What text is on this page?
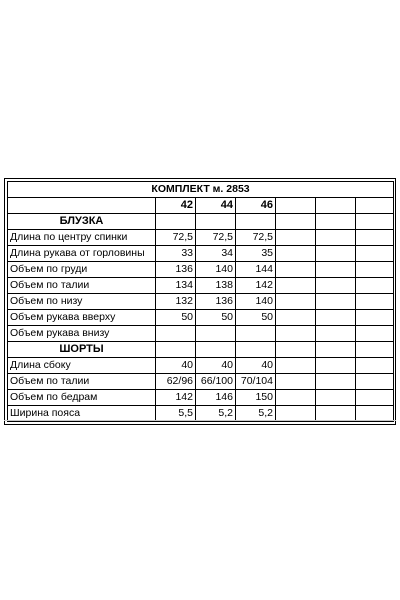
КОМПЛЕКТ м. 2853						
	42	44	46			
БЛУЗКА						
Длина по центру спинки	72,5	72,5	72,5			
Длина рукава от горловины	33	34	35			
Объем по груди	136	140	144			
Объем по талии	134	138	142			
Объем по низу	132	136	140			
Объем рукава вверху	50	50	50			
Объем рукава внизу						
ШОРТЫ						
Длина сбоку	40	40	40			
Объем по талии	62/96	66/100	70/104			
Объем по бедрам	142	146	150			
Ширина пояса	5,5	5,2	5,2			
